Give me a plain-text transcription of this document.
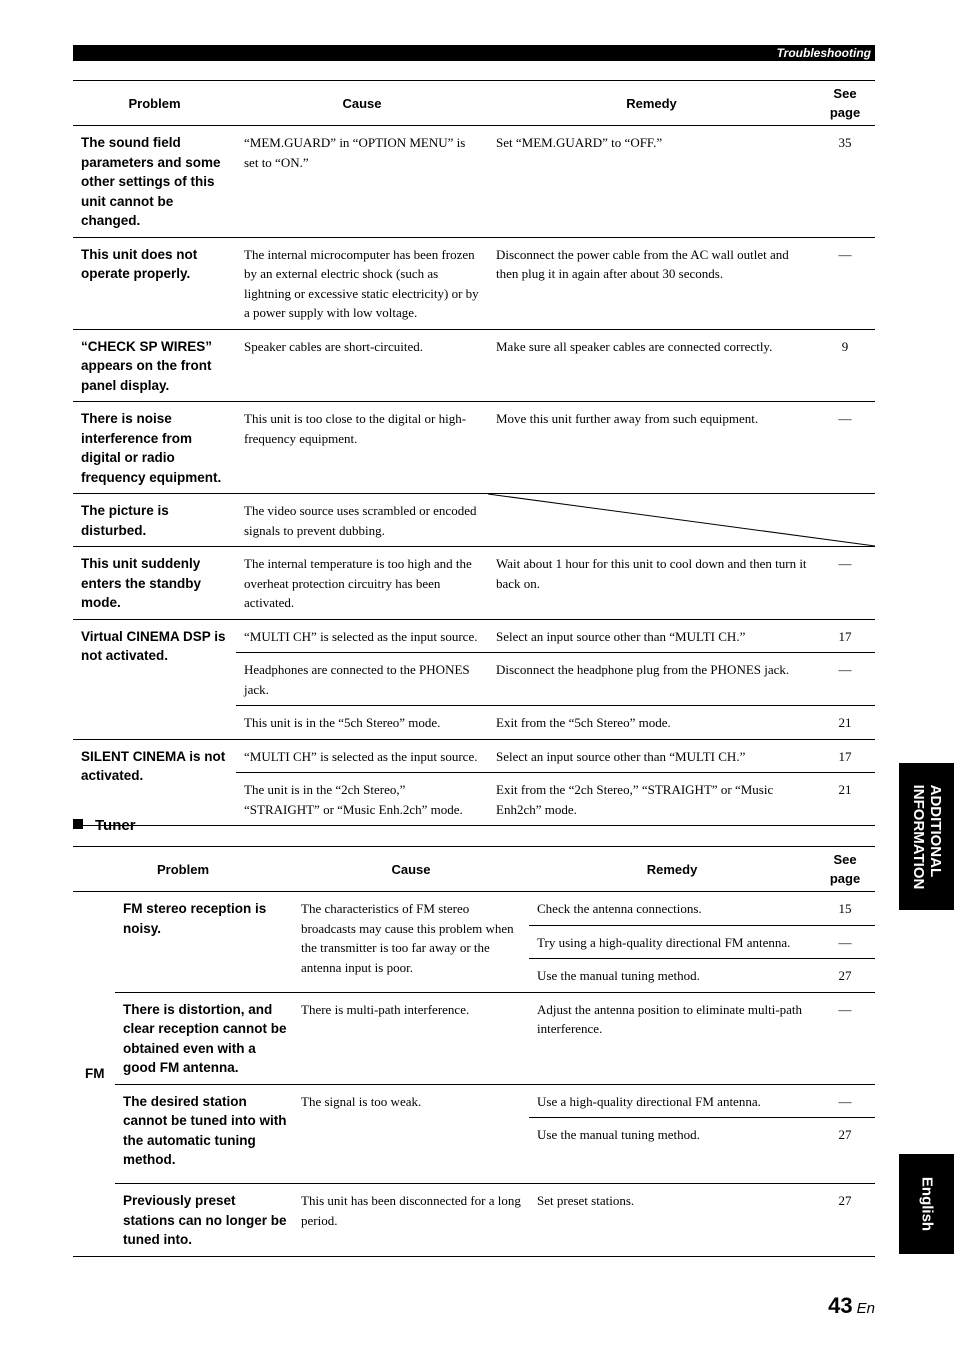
Troubleshooting
Problem	Cause	Remedy	See
page
The sound field parameters and some other settings of this unit cannot be changed.	“MEM.GUARD” in “OPTION MENU” is set to “ON.”	Set “MEM.GUARD” to “OFF.”	35
This unit does not operate properly.	The internal microcomputer has been frozen by an external electric shock (such as lightning or excessive static electricity) or by a power supply with low voltage.	Disconnect the power cable from the AC wall outlet and then plug it in again after about 30 seconds.	—
“CHECK SP WIRES” appears on the front panel display.	Speaker cables are short-circuited.	Make sure all speaker cables are connected correctly.	9
There is noise interference from digital or radio frequency equipment.	This unit is too close to the digital or high-frequency equipment.	Move this unit further away from such equipment.	—
The picture is disturbed.	The video source uses scrambled or encoded signals to prevent dubbing.	

This unit suddenly enters the standby mode.	The internal temperature is too high and the overheat protection circuitry has been activated.	Wait about 1 hour for this unit to cool down and then turn it back on.	—
Virtual CINEMA DSP is not activated.	“MULTI CH” is selected as the input source.	Select an input source other than “MULTI CH.”	17
	Headphones are connected to the PHONES jack.	Disconnect the headphone plug from the PHONES jack.	—
	This unit is in the “5ch Stereo” mode.	Exit from the “5ch Stereo” mode.	21
SILENT CINEMA is not activated.	“MULTI CH” is selected as the input source.	Select an input source other than “MULTI CH.”	17
	The unit is in the “2ch Stereo,” “STRAIGHT” or “Music Enh.2ch” mode.	Exit from the “2ch Stereo,” “STRAIGHT” or “Music Enh2ch” mode.	21
Tuner
Problem		Cause	Remedy	See
page
FM	FM stereo reception is noisy.	The characteristics of FM stereo broadcasts may cause this problem when the transmitter is too far away or the antenna input is poor.	Check the antenna connections.	15
			Try using a high-quality directional FM antenna.	—
			Use the manual tuning method.	27
	There is distortion, and clear reception cannot be obtained even with a good FM antenna.	There is multi-path interference.	Adjust the antenna position to eliminate multi-path interference.	—
	The desired station cannot be tuned into with the automatic tuning method.	The signal is too weak.	Use a high-quality directional FM antenna.	—
			Use the manual tuning method.	27
	Previously preset stations can no longer be tuned into.	This unit has been disconnected for a long period.	Set preset stations.	27
ADDITIONAL
INFORMATION
English
43 En
